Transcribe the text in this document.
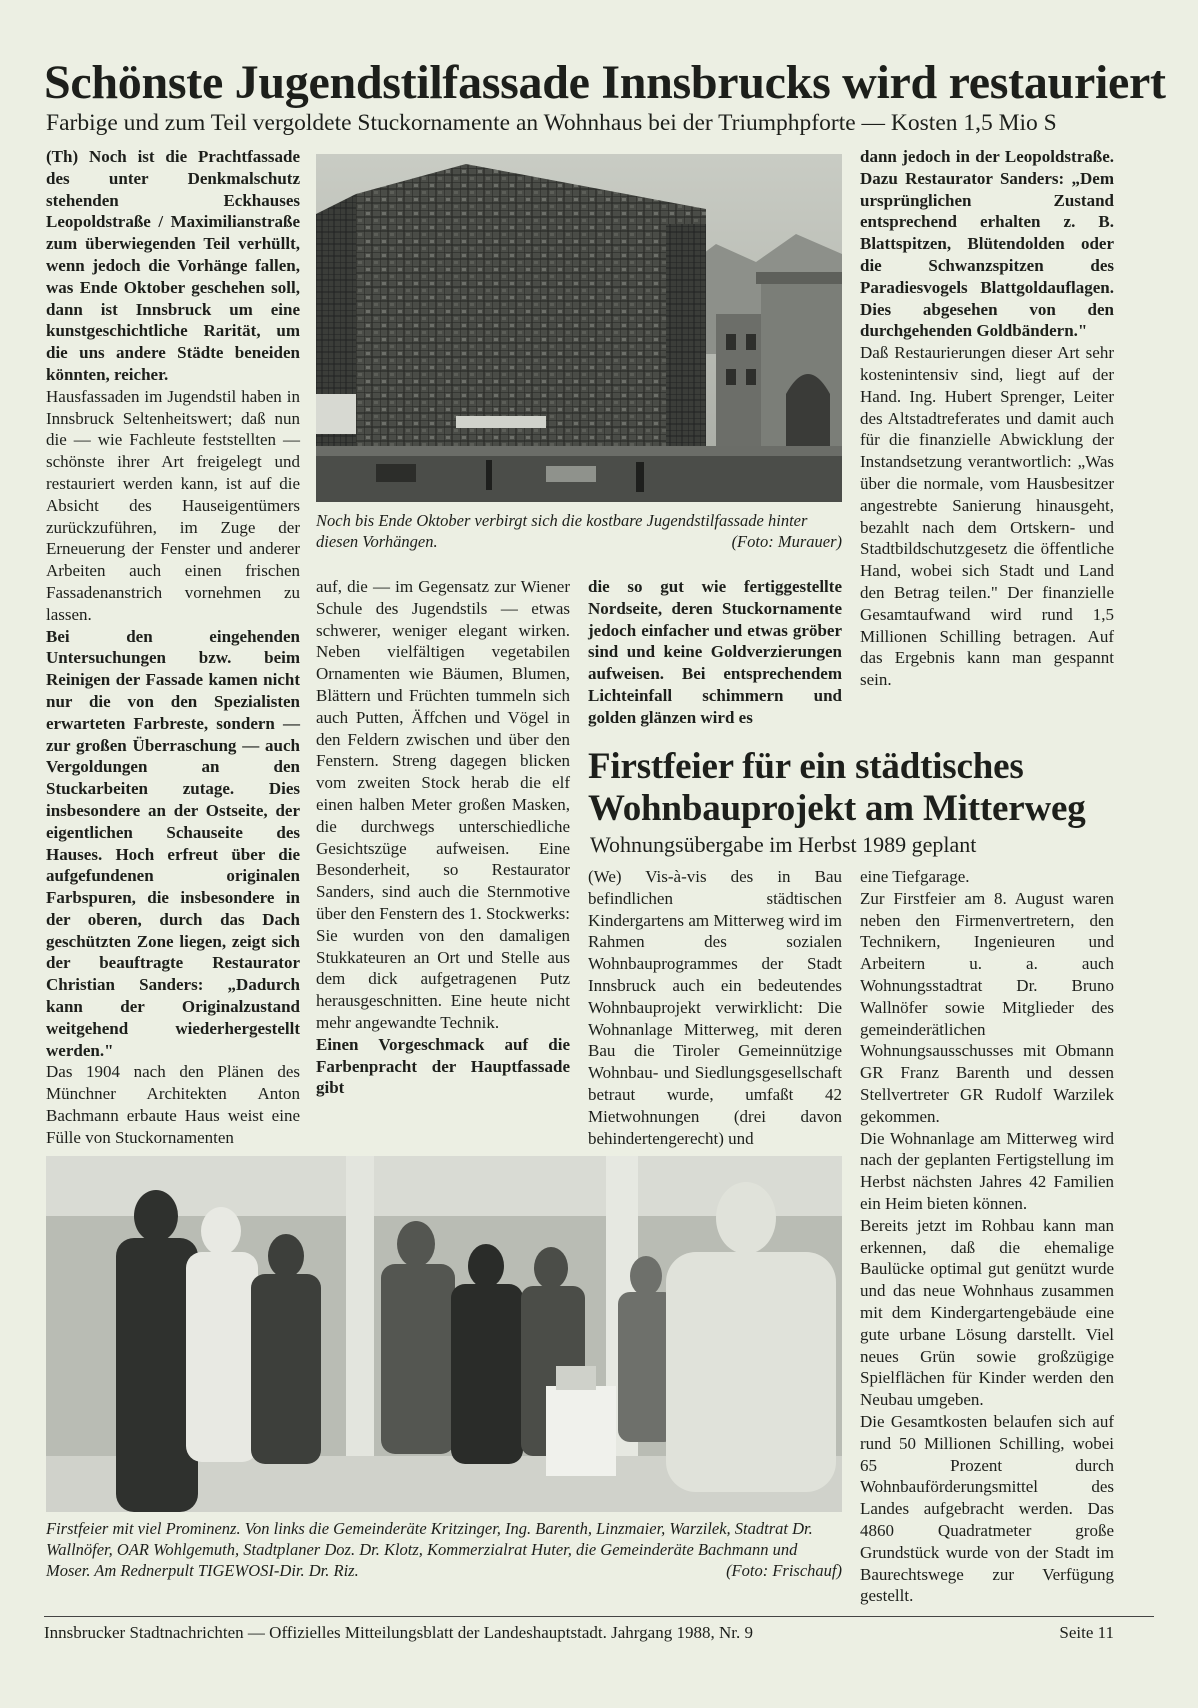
Schönste Jugendstilfassade Innsbrucks wird restauriert
Farbige und zum Teil vergoldete Stuckornamente an Wohnhaus bei der Triumphpforte — Kosten 1,5 Mio S

(Th) Noch ist die Prachtfassade des unter Denkmalschutz stehenden Eckhauses Leopoldstraße / Maximilianstraße zum überwiegenden Teil verhüllt, wenn jedoch die Vorhänge fallen, was Ende Oktober geschehen soll, dann ist Innsbruck um eine kunstgeschichtliche Rarität, um die uns andere Städte beneiden könnten, reicher.

Hausfassaden im Jugendstil haben in Innsbruck Seltenheitswert; daß nun die — wie Fachleute feststellten — schönste ihrer Art freigelegt und restauriert werden kann, ist auf die Absicht des Hauseigentümers zurückzuführen, im Zuge der Erneuerung der Fenster und anderer Arbeiten auch einen frischen Fassadenanstrich vornehmen zu lassen.

Bei den eingehenden Untersuchungen bzw. beim Reinigen der Fassade kamen nicht nur die von den Spezialisten erwarteten Farbreste, sondern — zur großen Überraschung — auch Vergoldungen an den Stuckarbeiten zutage. Dies insbesondere an der Ostseite, der eigentlichen Schauseite des Hauses. Hoch erfreut über die aufgefundenen originalen Farbspuren, die insbesondere in der oberen, durch das Dach geschützten Zone liegen, zeigt sich der beauftragte Restaurator Christian Sanders: „Dadurch kann der Originalzustand weitgehend wiederhergestellt werden."

Das 1904 nach den Plänen des Münchner Architekten Anton Bachmann erbaute Haus weist eine Fülle von Stuckornamenten

Noch bis Ende Oktober verbirgt sich die kostbare Jugendstilfassade hinter diesen Vorhängen.	(Foto: Murauer)

auf, die — im Gegensatz zur Wiener Schule des Jugendstils — etwas schwerer, weniger elegant wirken. Neben vielfältigen vegetabilen Ornamenten wie Bäumen, Blumen, Blättern und Früchten tummeln sich auch Putten, Äffchen und Vögel in den Feldern zwischen und über den Fenstern. Streng dagegen blicken vom zweiten Stock herab die elf einen halben Meter großen Masken, die durchwegs unterschiedliche Gesichtszüge aufweisen. Eine Besonderheit, so Restaurator Sanders, sind auch die Sternmotive über den Fenstern des 1. Stockwerks: Sie wurden von den damaligen Stukkateuren an Ort und Stelle aus dem dick aufgetragenen Putz herausgeschnitten. Eine heute nicht mehr angewandte Technik.

Einen Vorgeschmack auf die Farbenpracht der Hauptfassade gibt

die so gut wie fertiggestellte Nordseite, deren Stuckornamente jedoch einfacher und etwas gröber sind und keine Goldverzierungen aufweisen. Bei entsprechendem Lichteinfall schimmern und golden glänzen wird es

dann jedoch in der Leopoldstraße. Dazu Restaurator Sanders: „Dem ursprünglichen Zustand entsprechend erhalten z. B. Blattspitzen, Blütendolden oder die Schwanzspitzen des Paradiesvogels Blattgoldauflagen. Dies abgesehen von den durchgehenden Goldbändern."

Daß Restaurierungen dieser Art sehr kostenintensiv sind, liegt auf der Hand. Ing. Hubert Sprenger, Leiter des Altstadtreferates und damit auch für die finanzielle Abwicklung der Instandsetzung verantwortlich: „Was über die normale, vom Hausbesitzer angestrebte Sanierung hinausgeht, bezahlt nach dem Ortskern- und Stadtbildschutzgesetz die öffentliche Hand, wobei sich Stadt und Land den Betrag teilen." Der finanzielle Gesamtaufwand wird rund 1,5 Millionen Schilling betragen. Auf das Ergebnis kann man gespannt sein.

Firstfeier für ein städtisches Wohnbauprojekt am Mitterweg
Wohnungsübergabe im Herbst 1989 geplant

(We) Vis-à-vis des in Bau befindlichen städtischen Kindergartens am Mitterweg wird im Rahmen des sozialen Wohnbauprogrammes der Stadt Innsbruck auch ein bedeutendes Wohnbauprojekt verwirklicht: Die Wohnanlage Mitterweg, mit deren Bau die Tiroler Gemeinnützige Wohnbau- und Siedlungsgesellschaft betraut wurde, umfaßt 42 Mietwohnungen (drei davon behindertengerecht) und

eine Tiefgarage.

Zur Firstfeier am 8. August waren neben den Firmenvertretern, den Technikern, Ingenieuren und Arbeitern u. a. auch Wohnungsstadtrat Dr. Bruno Wallnöfer sowie Mitglieder des gemeinderätlichen Wohnungsausschusses mit Obmann GR Franz Barenth und dessen Stellvertreter GR Rudolf Warzilek gekommen.

Die Wohnanlage am Mitterweg wird nach der geplanten Fertigstellung im Herbst nächsten Jahres 42 Familien ein Heim bieten können.

Bereits jetzt im Rohbau kann man erkennen, daß die ehemalige Baulücke optimal gut genützt wurde und das neue Wohnhaus zusammen mit dem Kindergartengebäude eine gute urbane Lösung darstellt. Viel neues Grün sowie großzügige Spielflächen für Kinder werden den Neubau umgeben.

Die Gesamtkosten belaufen sich auf rund 50 Millionen Schilling, wobei 65 Prozent durch Wohnbauförderungsmittel des Landes aufgebracht werden. Das 4860 Quadratmeter große Grundstück wurde von der Stadt im Baurechtswege zur Verfügung gestellt.

Firstfeier mit viel Prominenz. Von links die Gemeinderäte Kritzinger, Ing. Barenth, Linzmaier, Warzilek, Stadtrat Dr. Wallnöfer, OAR Wohlgemuth, Stadtplaner Doz. Dr. Klotz, Kommerzialrat Huter, die Gemeinderäte Bachmann und Moser. Am Rednerpult TIGEWOSI-Dir. Dr. Riz.	(Foto: Frischauf)
Innsbrucker Stadtnachrichten — Offizielles Mitteilungsblatt der Landeshauptstadt. Jahrgang 1988, Nr. 9	Seite 11
